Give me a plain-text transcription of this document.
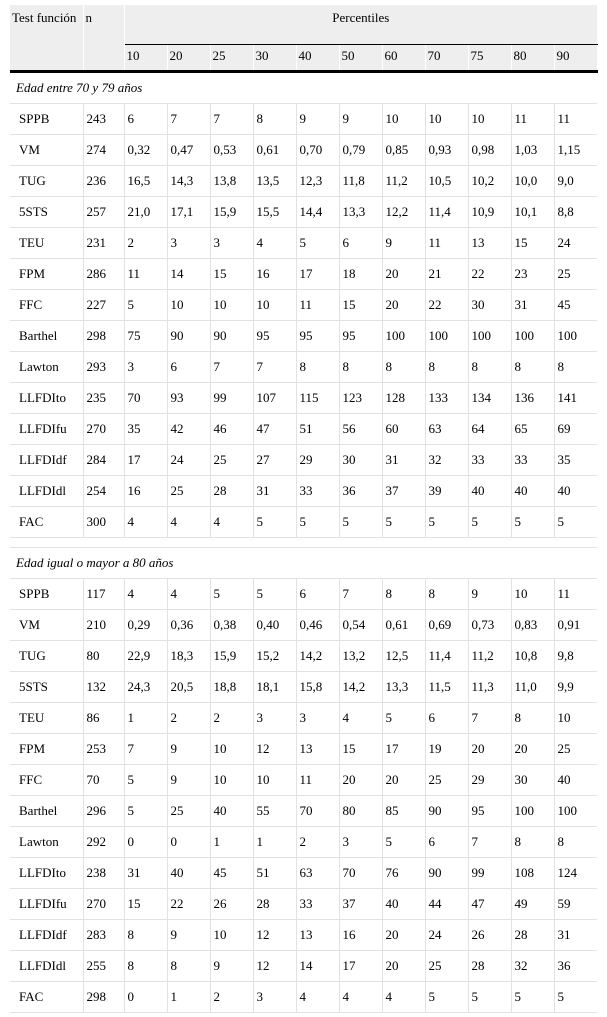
Test función	n	Percentiles										
		10	20	25	30	40	50	60	70	75	80	90
Edad entre 70 y 79 años												
SPPB	243	6	7	7	8	9	9	10	10	10	11	11
VM	274	0,32	0,47	0,53	0,61	0,70	0,79	0,85	0,93	0,98	1,03	1,15
TUG	236	16,5	14,3	13,8	13,5	12,3	11,8	11,2	10,5	10,2	10,0	9,0
5STS	257	21,0	17,1	15,9	15,5	14,4	13,3	12,2	11,4	10,9	10,1	8,8
TEU	231	2	3	3	4	5	6	9	11	13	15	24
FPM	286	11	14	15	16	17	18	20	21	22	23	25
FFC	227	5	10	10	10	11	15	20	22	30	31	45
Barthel	298	75	90	90	95	95	95	100	100	100	100	100
Lawton	293	3	6	7	7	8	8	8	8	8	8	8
LLFDIto	235	70	93	99	107	115	123	128	133	134	136	141
LLFDIfu	270	35	42	46	47	51	56	60	63	64	65	69
LLFDIdf	284	17	24	25	27	29	30	31	32	33	33	35
LLFDIdl	254	16	25	28	31	33	36	37	39	40	40	40
FAC	300	4	4	4	5	5	5	5	5	5	5	5

Edad igual o mayor a 80 años												
SPPB	117	4	4	5	5	6	7	8	8	9	10	11
VM	210	0,29	0,36	0,38	0,40	0,46	0,54	0,61	0,69	0,73	0,83	0,91
TUG	80	22,9	18,3	15,9	15,2	14,2	13,2	12,5	11,4	11,2	10,8	9,8
5STS	132	24,3	20,5	18,8	18,1	15,8	14,2	13,3	11,5	11,3	11,0	9,9
TEU	86	1	2	2	3	3	4	5	6	7	8	10
FPM	253	7	9	10	12	13	15	17	19	20	20	25
FFC	70	5	9	10	10	11	20	20	25	29	30	40
Barthel	296	5	25	40	55	70	80	85	90	95	100	100
Lawton	292	0	0	1	1	2	3	5	6	7	8	8
LLFDIto	238	31	40	45	51	63	70	76	90	99	108	124
LLFDIfu	270	15	22	26	28	33	37	40	44	47	49	59
LLFDIdf	283	8	9	10	12	13	16	20	24	26	28	31
LLFDIdl	255	8	8	9	12	14	17	20	25	28	32	36
FAC	298	0	1	2	3	4	4	4	5	5	5	5
